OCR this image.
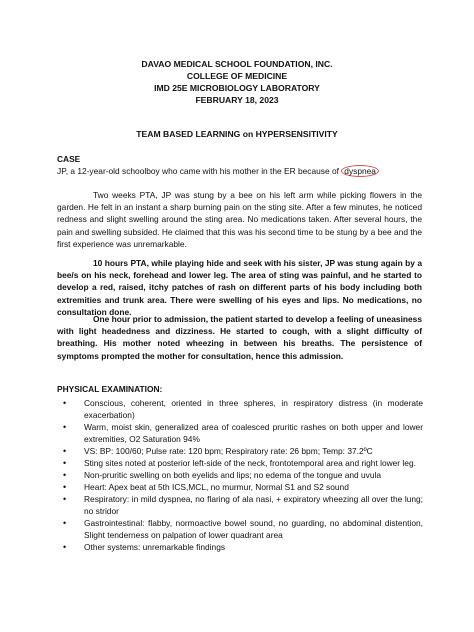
DAVAO MEDICAL SCHOOL FOUNDATION, INC.
COLLEGE OF MEDICINE
IMD 25E MICROBIOLOGY LABORATORY
FEBRUARY 18, 2023
TEAM BASED LEARNING on HYPERSENSITIVITY
CASE
JP, a 12-year-old schoolboy who came with his mother in the ER because of dyspnea
Two weeks PTA, JP was stung by a bee on his left arm while picking flowers in the garden. He felt in an instant a sharp burning pain on the sting site. After a few minutes, he noticed redness and slight swelling around the sting area. No medications taken. After several hours, the pain and swelling subsided. He claimed that this was his second time to be stung by a bee and the first experience was unremarkable.
10 hours PTA, while playing hide and seek with his sister, JP was stung again by a bee/s on his neck, forehead and lower leg. The area of sting was painful, and he started to develop a red, raised, itchy patches of rash on different parts of his body including both extremities and trunk area. There were swelling of his eyes and lips. No medications, no consultation done.
One hour prior to admission, the patient started to develop a feeling of uneasiness with light headedness and dizziness. He started to cough, with a slight difficulty of breathing. His mother noted wheezing in between his breaths. The persistence of symptoms prompted the mother for consultation, hence this admission.
PHYSICAL EXAMINATION:
• Conscious, coherent, oriented in three spheres, in respiratory distress (in moderate exacerbation)
• Warm, moist skin, generalized area of coalesced pruritic rashes on both upper and lower extremities, O2 Saturation 94%
• VS: BP: 100/60; Pulse rate: 120 bpm; Respiratory rate: 26 bpm; Temp: 37.2ºC
• Sting sites noted at posterior left-side of the neck, frontotemporal area and right lower leg.
• Non-pruritic swelling on both eyelids and lips; no edema of the tongue and uvula
• Heart: Apex beat at 5th ICS,MCL, no murmur, Normal S1 and S2 sound
• Respiratory: in mild dyspnea, no flaring of ala nasi, + expiratory wheezing all over the lung; no stridor
• Gastrointestinal: flabby, normoactive bowel sound, no guarding, no abdominal distention, Slight tenderness on palpation of lower quadrant area
• Other systems: unremarkable findings
